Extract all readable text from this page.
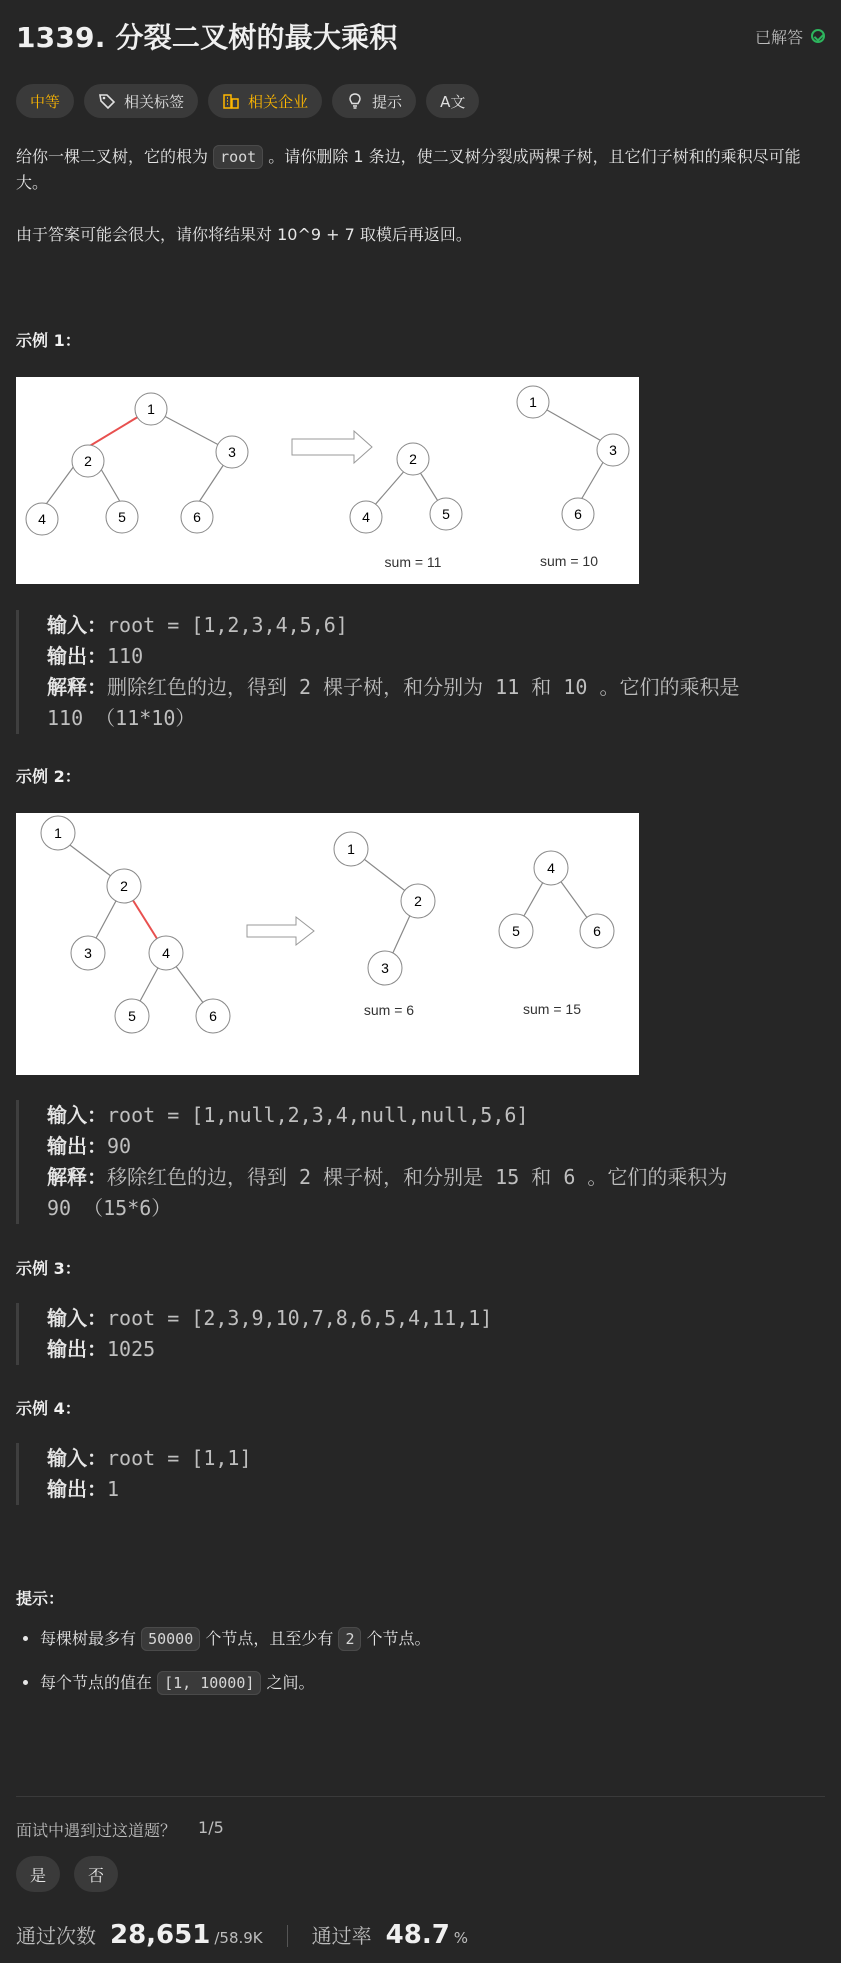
1339. 分裂二叉树的最大乘积	已解答
中等	相关标签	相关企业	提示	A文

给你一棵二叉树，它的根为 root 。请你删除 1 条边，使二叉树分裂成两棵子树，且它们子树和的乘积尽可能大。

由于答案可能会很大，请你将结果对 10^9 + 7 取模后再返回。

示例 1：
1
2
3
4	5	6
2
4	5
sum = 11
1
3
6
sum = 10
输入：root = [1,2,3,4,5,6]
输出：110
解释：删除红色的边，得到 2 棵子树，和分别为 11 和 10 。它们的乘积是
110 （11*10）
示例 2：
1
2
3	4
5	6
1
2
3
sum = 6
4
5	6
sum = 15
输入：root = [1,null,2,3,4,null,null,5,6]
输出：90
解释：移除红色的边，得到 2 棵子树，和分别是 15 和 6 。它们的乘积为
90 （15*6）
示例 3：
输入：root = [2,3,9,10,7,8,6,5,4,11,1]
输出：1025
示例 4：
输入：root = [1,1]
输出：1
提示：
• 每棵树最多有 50000 个节点，且至少有 2 个节点。
• 每个节点的值在 [1, 10000] 之间。
面试中遇到过这道题？ 1/5
是	否
通过次数 28,651 /58.9K 通过率 48.7 %
